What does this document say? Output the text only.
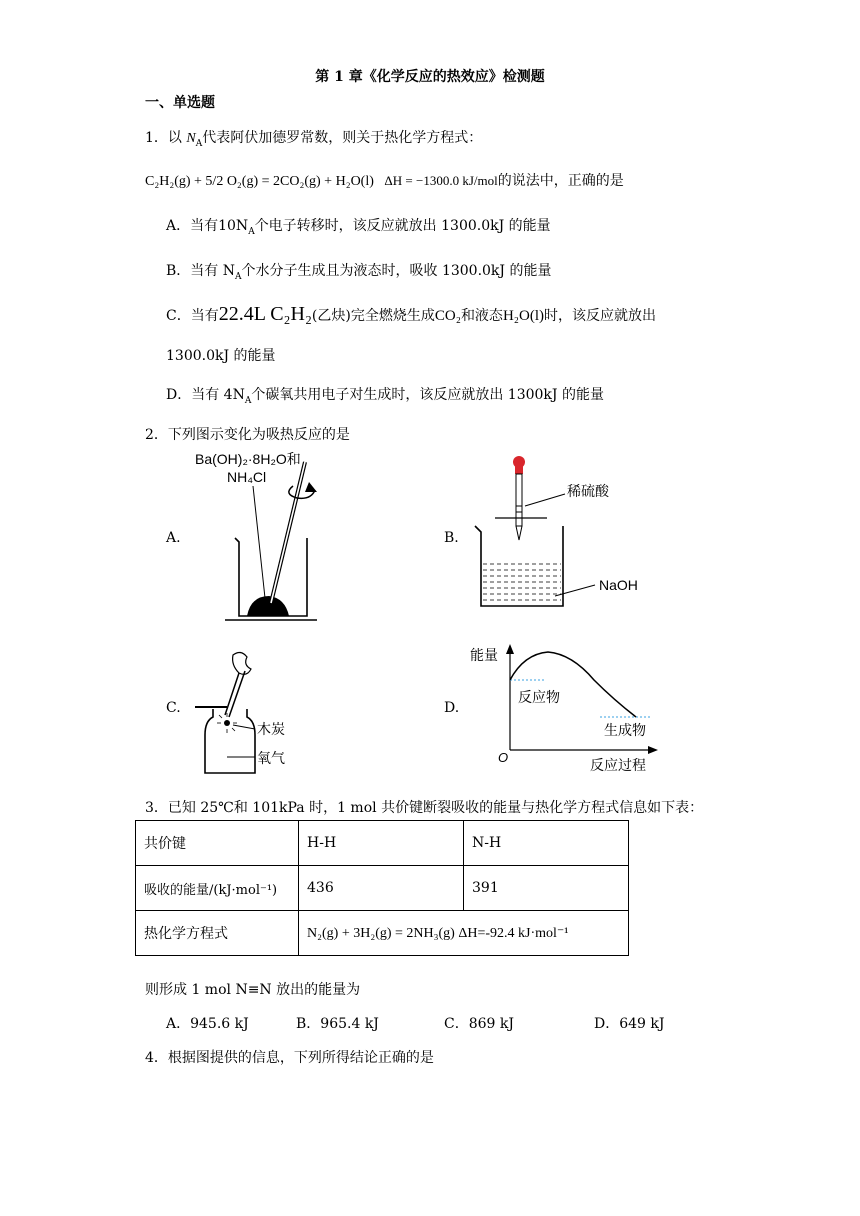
第 1 章《化学反应的热效应》检测题
一、单选题
1．以 $N_A$代表阿伏加德罗常数，则关于热化学方程式：
C₂H₂(g) + 5/2 O₂(g) = 2CO₂(g) + H₂O(l) ΔH = −1300.0 kJ/mol的说法中，正确的是
A．当有$10N_A$个电子转移时，该反应就放出 1300.0kJ 的能量
B．当有 $N_A$个水分子生成且为液态时，吸收 1300.0kJ 的能量
C．当有22.4L C₂H₂(乙炔)完全燃烧生成CO₂和液态H₂O(l)时，该反应就放出
1300.0kJ 的能量
D．当有 $4N_A$个碳氧共用电子对生成时，该反应就放出 1300kJ 的能量
2．下列图示变化为吸热反应的是
A.	B.
C.	D.
Ba(OH)₂·8H₂O和
NH₄Cl
稀硫酸
NaOH
木炭
氧气
能量
反应物
生成物
O	反应过程
3．已知 25℃和 101kPa 时，1 mol 共价键断裂吸收的能量与热化学方程式信息如下表：
共价键	H-H	N-H
吸收的能量/(kJ·mol⁻¹)	436	391
热化学方程式	N₂(g) + 3H₂(g) = 2NH₃(g) ΔH=-92.4 kJ·mol⁻¹	
则形成 1 mol N≡N 放出的能量为
A．945.6 kJ	B．965.4 kJ	C．869 kJ	D．649 kJ
4．根据图提供的信息，下列所得结论正确的是
